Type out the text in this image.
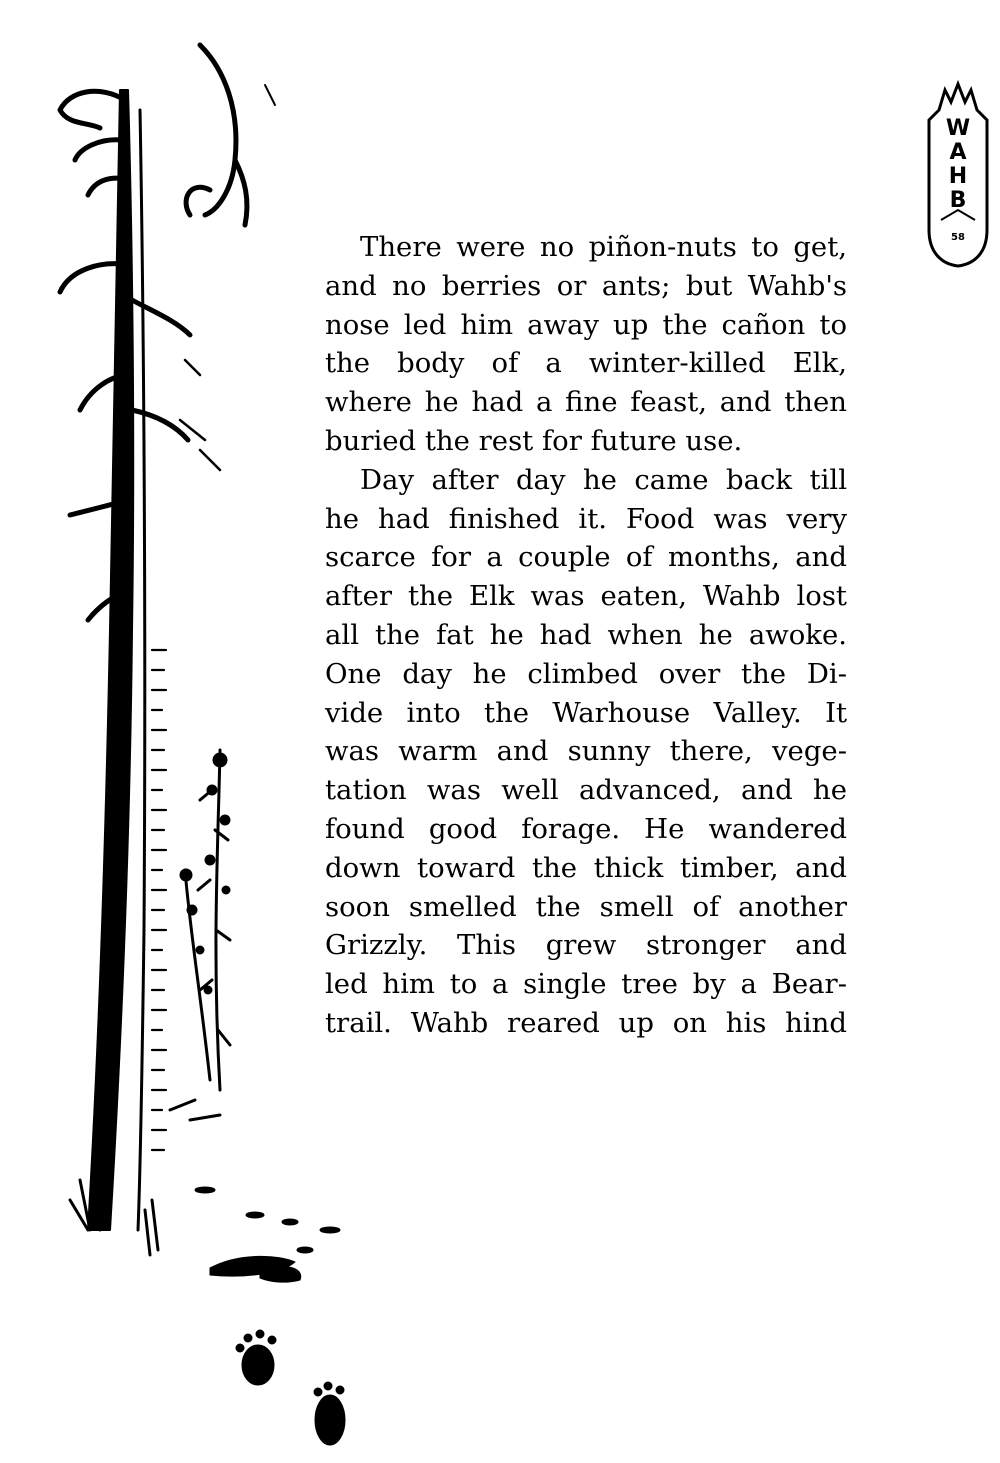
W
A
H
B
58

There were no piñon-nuts to get,
and no berries or ants; but Wahb's
nose led him away up the cañon to
the body of a winter-killed Elk,
where he had a fine feast, and then
buried the rest for future use.

Day after day he came back till
he had finished it. Food was very
scarce for a couple of months, and
after the Elk was eaten, Wahb lost
all the fat he had when he awoke.
One day he climbed over the Di-
vide into the Warhouse Valley. It
was warm and sunny there, vege-
tation was well advanced, and he
found good forage. He wandered
down toward the thick timber, and
soon smelled the smell of another
Grizzly. This grew stronger and
led him to a single tree by a Bear-
trail. Wahb reared up on his hind
